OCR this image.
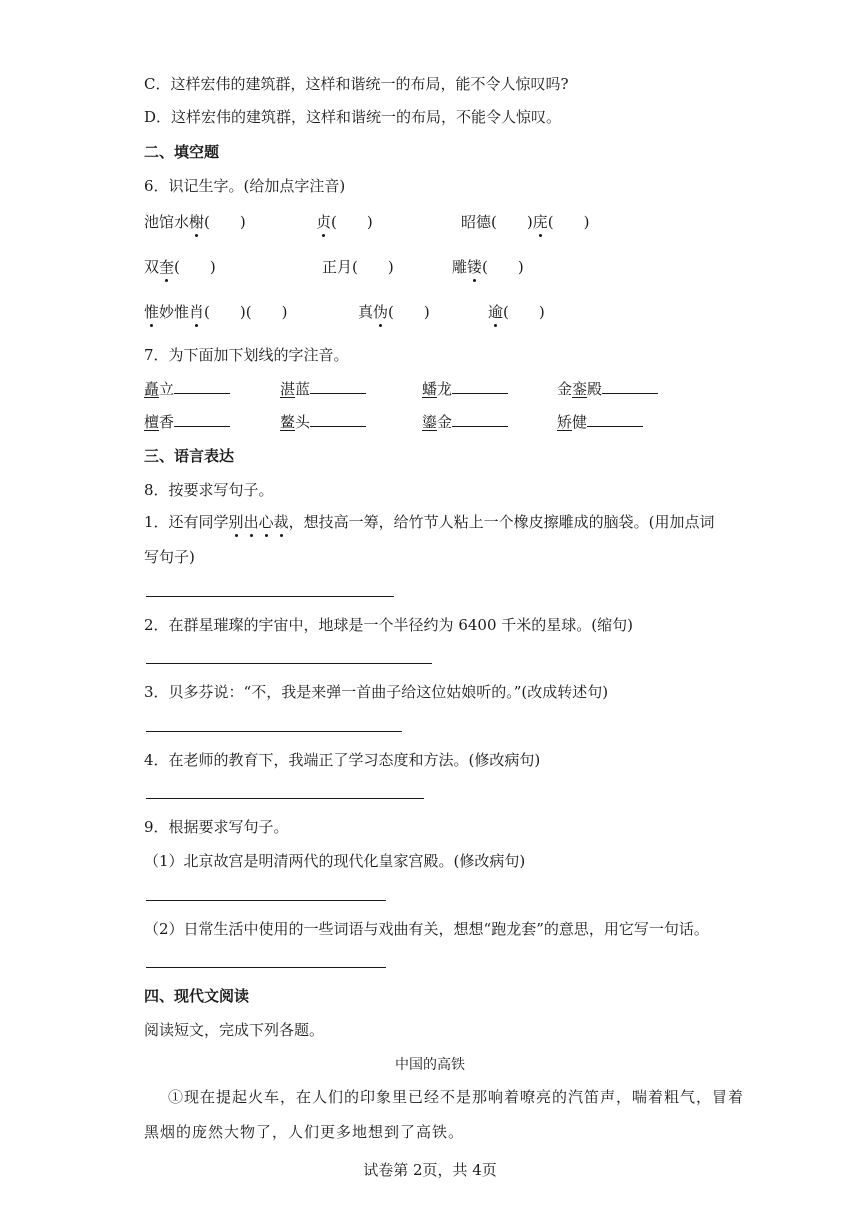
C．这样宏伟的建筑群，这样和谐统一的布局，能不令人惊叹吗?
D．这样宏伟的建筑群，这样和谐统一的布局，不能令人惊叹。
二、填空题
6．识记生字。(给加点字注音)
池馆水榭(　　)	贞(　　)	昭德(　　)庑(　　)
双奎(　　)	正月(　　)	雕镂(　　)
惟妙惟肖(　　)(　　)	真伪(　　)	逾(　　)
7．为下面加下划线的字注音。
矗立	湛蓝	蟠龙	金銮殿
檀香	鳌头	鎏金	矫健
三、语言表达
8．按要求写句子。
1．还有同学别出心裁，想技高一筹，给竹节人粘上一个橡皮擦雕成的脑袋。(用加点词
写句子)
2．在群星璀璨的宇宙中，地球是一个半径约为 6400 千米的星球。(缩句)
3．贝多芬说：“不，我是来弹一首曲子给这位姑娘听的。”(改成转述句)
4．在老师的教育下，我端正了学习态度和方法。(修改病句)
9．根据要求写句子。
（1）北京故宫是明清两代的现代化皇家宫殿。(修改病句)
（2）日常生活中使用的一些词语与戏曲有关，想想“跑龙套”的意思，用它写一句话。
四、现代文阅读
阅读短文，完成下列各题。
中国的高铁
①现在提起火车，在人们的印象里已经不是那响着嘹亮的汽笛声，喘着粗气，冒着
黑烟的庞然大物了，人们更多地想到了高铁。
试卷第 2页，共 4页
